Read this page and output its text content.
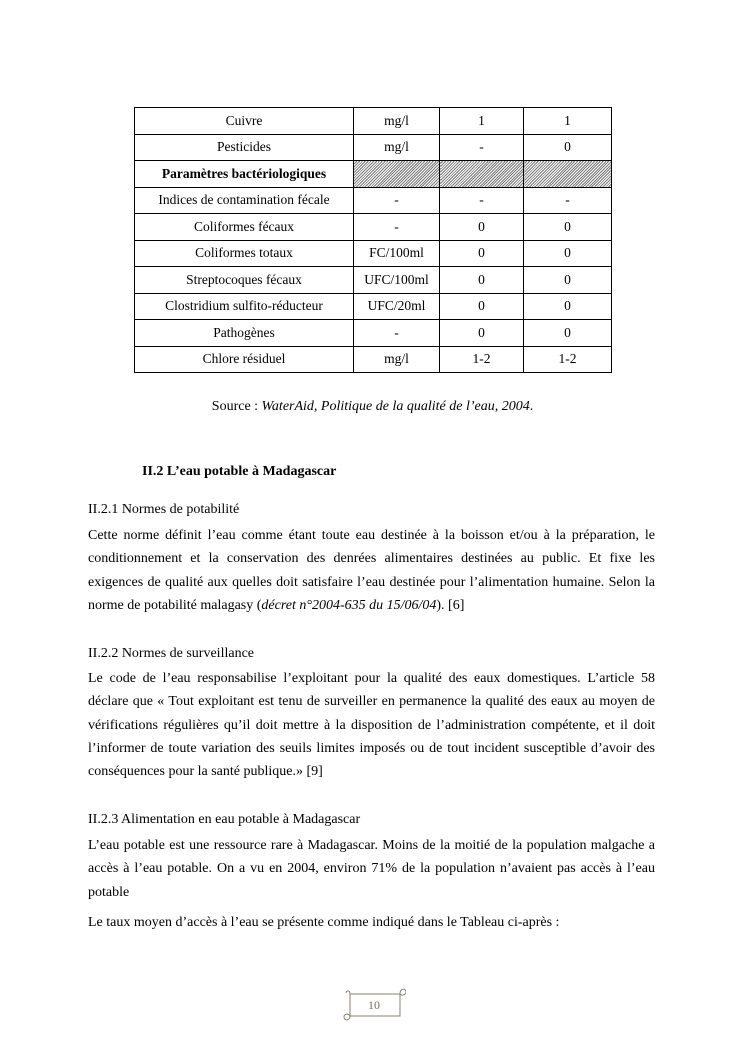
Cuivre	mg/l	1	1
Pesticides	mg/l	-	0
Paramètres bactériologiques			
Indices de contamination fécale	-	-	-
Coliformes fécaux	-	0	0
Coliformes totaux	FC/100ml	0	0
Streptocoques fécaux	UFC/100ml	0	0
Clostridium sulfito-réducteur	UFC/20ml	0	0
Pathogènes	-	0	0
Chlore résiduel	mg/l	1-2	1-2
Source : WaterAid, Politique de la qualité de l’eau, 2004.
II.2 L’eau potable à Madagascar
II.2.1 Normes de potabilité

Cette norme définit l’eau comme étant toute eau destinée à la boisson et/ou à la préparation, le conditionnement et la conservation des denrées alimentaires destinées au public. Et fixe les exigences de qualité aux quelles doit satisfaire l’eau destinée pour l’alimentation humaine. Selon la norme de potabilité malagasy (décret n°2004-635 du 15/06/04). [6]

II.2.2 Normes de surveillance

Le code de l’eau responsabilise l’exploitant pour la qualité des eaux domestiques. L’article 58 déclare que « Tout exploitant est tenu de surveiller en permanence la qualité des eaux au moyen de vérifications régulières qu’il doit mettre à la disposition de l’administration compétente, et il doit l’informer de toute variation des seuils limites imposés ou de tout incident susceptible d’avoir des conséquences pour la santé publique.» [9]

II.2.3 Alimentation en eau potable à Madagascar

L’eau potable est une ressource rare à Madagascar. Moins de la moitié de la population malgache a accès à l’eau potable. On a vu en 2004, environ 71% de la population n’avaient pas accès à l’eau potable

Le taux moyen d’accès à l’eau se présente comme indiqué dans le Tableau ci-après :

10
